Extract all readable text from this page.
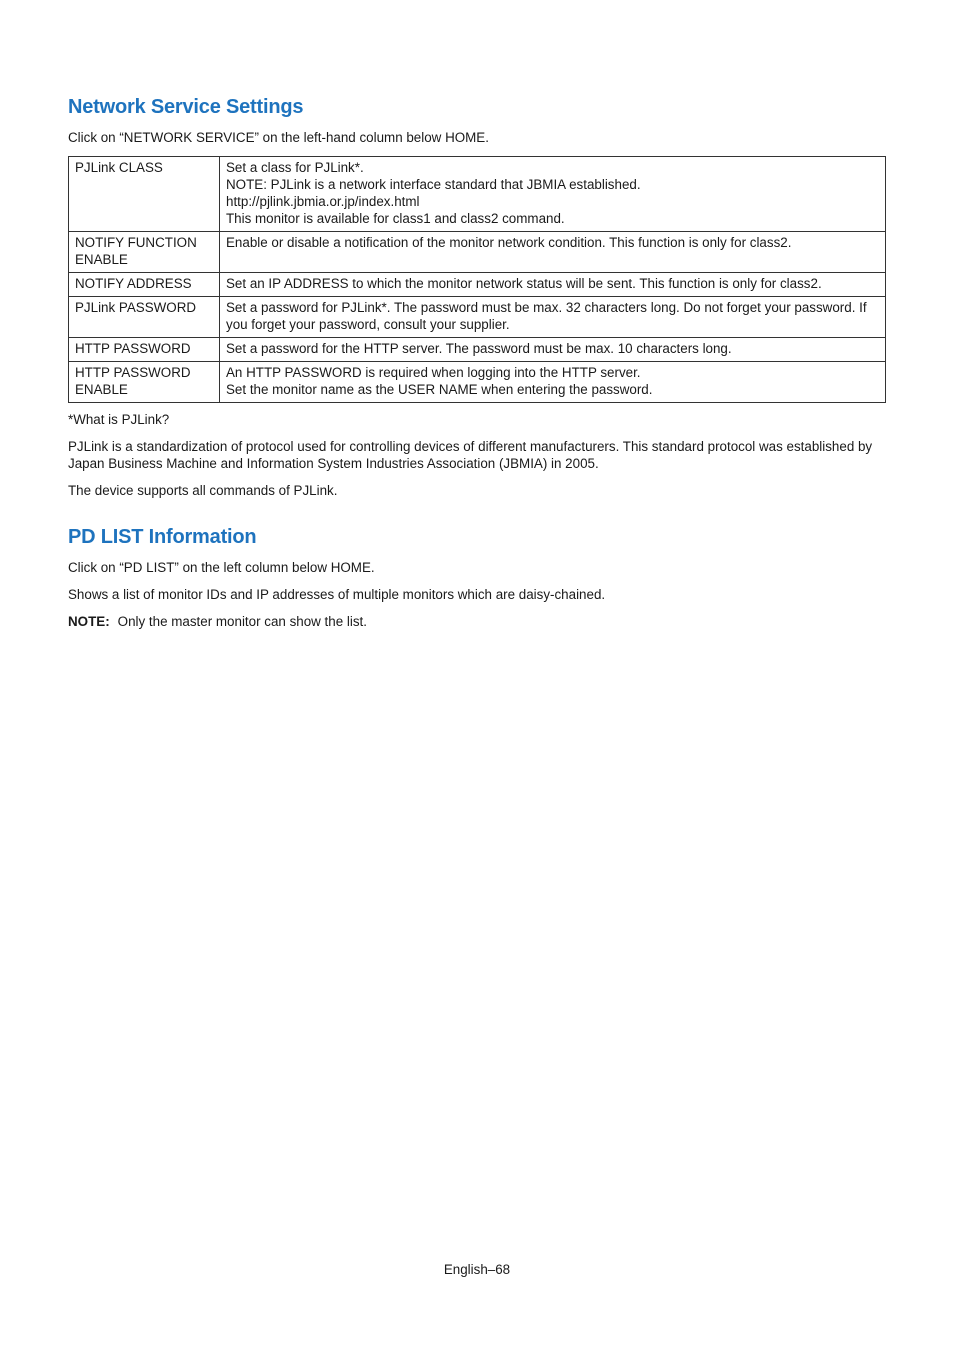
Network Service Settings

Click on “NETWORK SERVICE” on the left-hand column below HOME.

PJLink CLASS	Set a class for PJLink*.
NOTE: PJLink is a network interface standard that JBMIA established.
http://pjlink.jbmia.or.jp/index.html
This monitor is available for class1 and class2 command.

NOTIFY FUNCTION ENABLE	Enable or disable a notification of the monitor network condition. This function is only for class2.

NOTIFY ADDRESS	Set an IP ADDRESS to which the monitor network status will be sent. This function is only for class2.

PJLink PASSWORD	Set a password for PJLink*. The password must be max. 32 characters long. Do not forget your password. If you forget your password, consult your supplier.

HTTP PASSWORD	Set a password for the HTTP server. The password must be max. 10 characters long.

HTTP PASSWORD ENABLE	An HTTP PASSWORD is required when logging into the HTTP server.
Set the monitor name as the USER NAME when entering the password.

*What is PJLink?

PJLink is a standardization of protocol used for controlling devices of different manufacturers. This standard protocol was established by Japan Business Machine and Information System Industries Association (JBMIA) in 2005.

The device supports all commands of PJLink.

PD LIST Information

Click on “PD LIST” on the left column below HOME.

Shows a list of monitor IDs and IP addresses of multiple monitors which are daisy-chained.

NOTE: Only the master monitor can show the list.

English–68
